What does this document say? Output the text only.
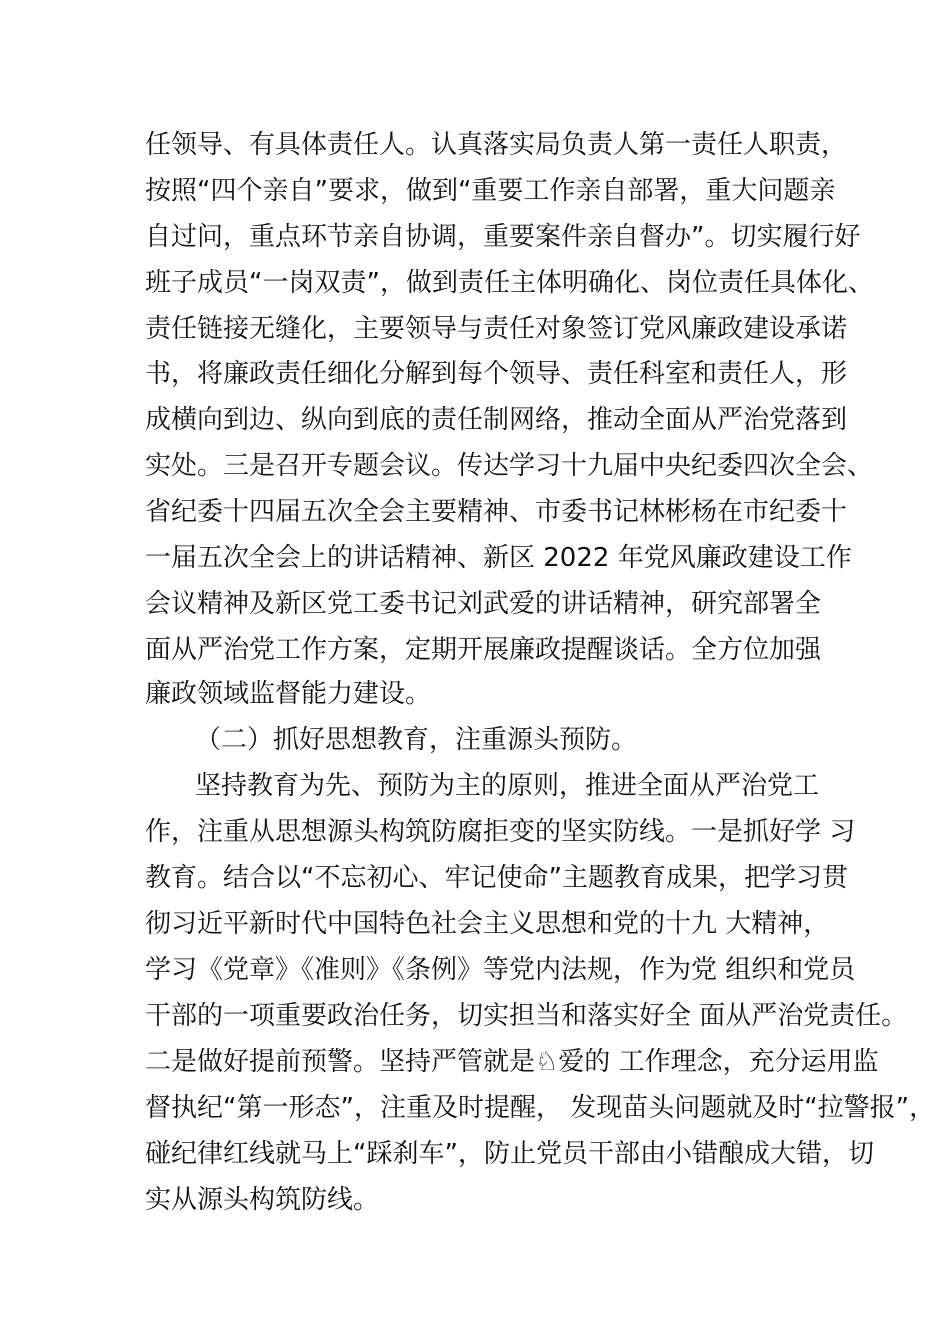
任领导、有具体责任人。认真落实局负责人第一责任人职责，
按照“四个亲自”要求，做到“重要工作亲自部署，重大问题亲
自过问，重点环节亲自协调，重要案件亲自督办”。切实履行好
班子成员“一岗双责”，做到责任主体明确化、岗位责任具体化、
责任链接无缝化，主要领导与责任对象签订党风廉政建设承诺
书，将廉政责任细化分解到每个领导、责任科室和责任人，形
成横向到边、纵向到底的责任制网络，推动全面从严治党落到
实处。三是召开专题会议。传达学习十九届中央纪委四次全会、
省纪委十四届五次全会主要精神、市委书记林彬杨在市纪委十
一届五次全会上的讲话精神、新区 2022 年党风廉政建设工作
会议精神及新区党工委书记刘武爱的讲话精神，研究部署全
面从严治党工作方案，定期开展廉政提醒谈话。全方位加强
廉政领域监督能力建设。
（二）抓好思想教育，注重源头预防。
坚持教育为先、预防为主的原则，推进全面从严治党工
作，注重从思想源头构筑防腐拒变的坚实防线。一是抓好学 习
教育。结合以“不忘初心、牢记使命”主题教育成果，把学习贯
彻习近平新时代中国特色社会主义思想和党的十九 大精神，
学习《党章》《准则》《条例》等党内法规，作为党 组织和党员
干部的一项重要政治任务，切实担当和落实好全 面从严治党责任。
二是做好提前预警。坚持严管就是♘爱的 工作理念，充分运用监
督执纪“第一形态”，注重及时提醒， 发现苗头问题就及时“拉警报”，
碰纪律红线就马上“踩刹车”，防止党员干部由小错酿成大错，切
实从源头构筑防线。
